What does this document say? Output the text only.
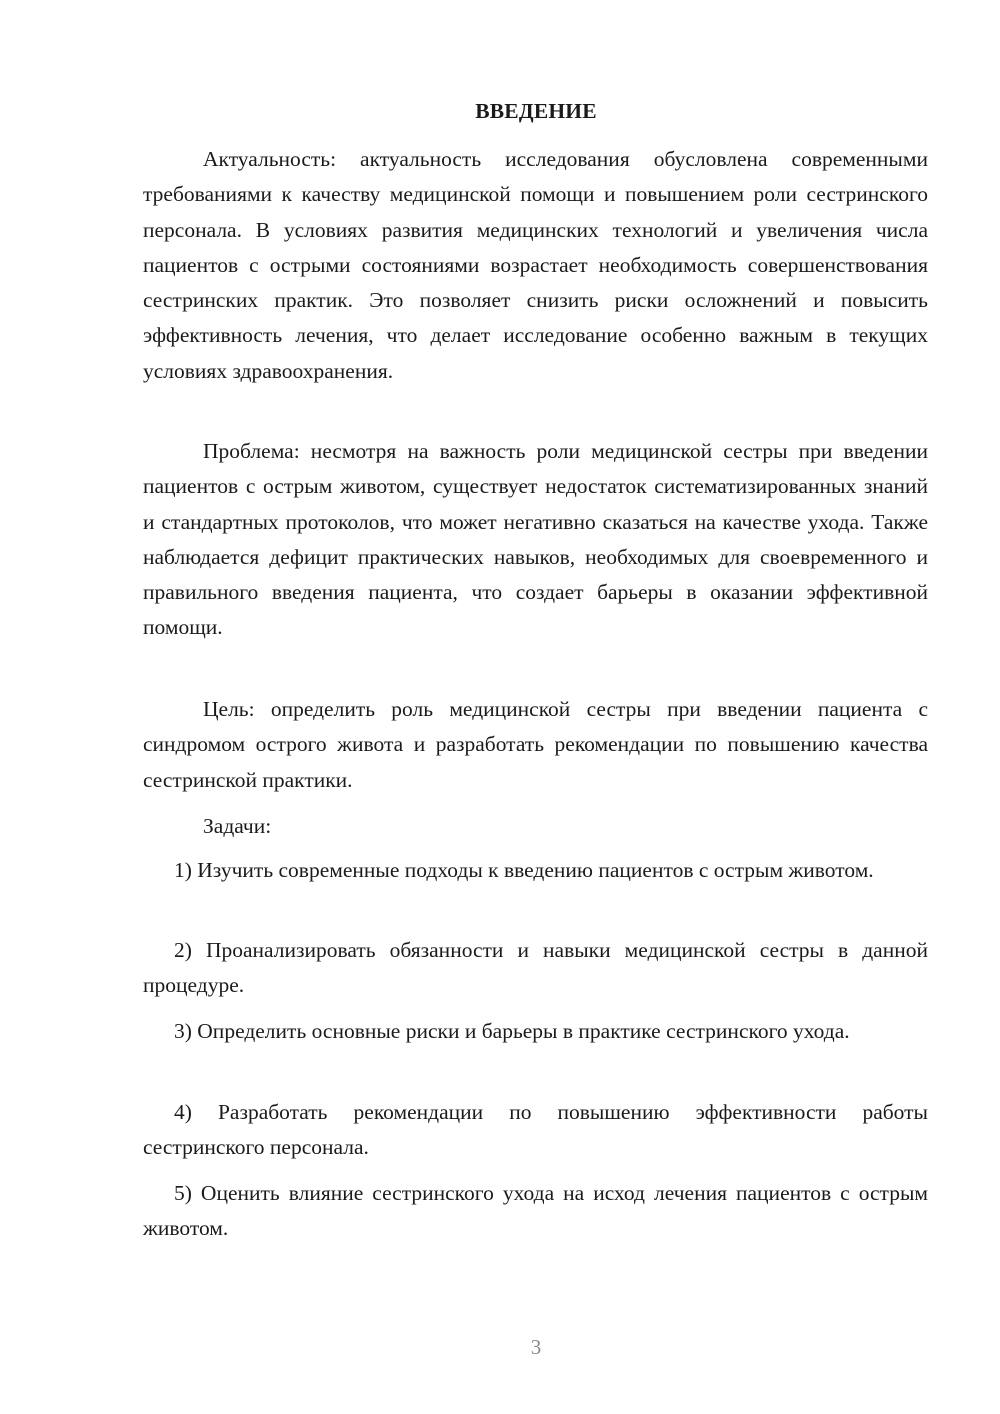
ВВЕДЕНИЕ

Актуальность: актуальность исследования обусловлена современными требованиями к качеству медицинской помощи и повышением роли сестринского персонала. В условиях развития медицинских технологий и увеличения числа пациентов с острыми состояниями возрастает необходимость совершенствования сестринских практик. Это позволяет снизить риски осложнений и повысить эффективность лечения, что делает исследование особенно важным в текущих условиях здравоохранения.

Проблема: несмотря на важность роли медицинской сестры при введении пациентов с острым животом, существует недостаток систематизированных знаний и стандартных протоколов, что может негативно сказаться на качестве ухода. Также наблюдается дефицит практических навыков, необходимых для своевременного и правильного введения пациента, что создает барьеры в оказании эффективной помощи.

Цель: определить роль медицинской сестры при введении пациента с синдромом острого живота и разработать рекомендации по повышению качества сестринской практики.

Задачи:

1) Изучить современные подходы к введению пациентов с острым животом.

2) Проанализировать обязанности и навыки медицинской сестры в данной процедуре.

3) Определить основные риски и барьеры в практике сестринского ухода.

4) Разработать рекомендации по повышению эффективности работы сестринского персонала.

5) Оценить влияние сестринского ухода на исход лечения пациентов с острым животом.

3
